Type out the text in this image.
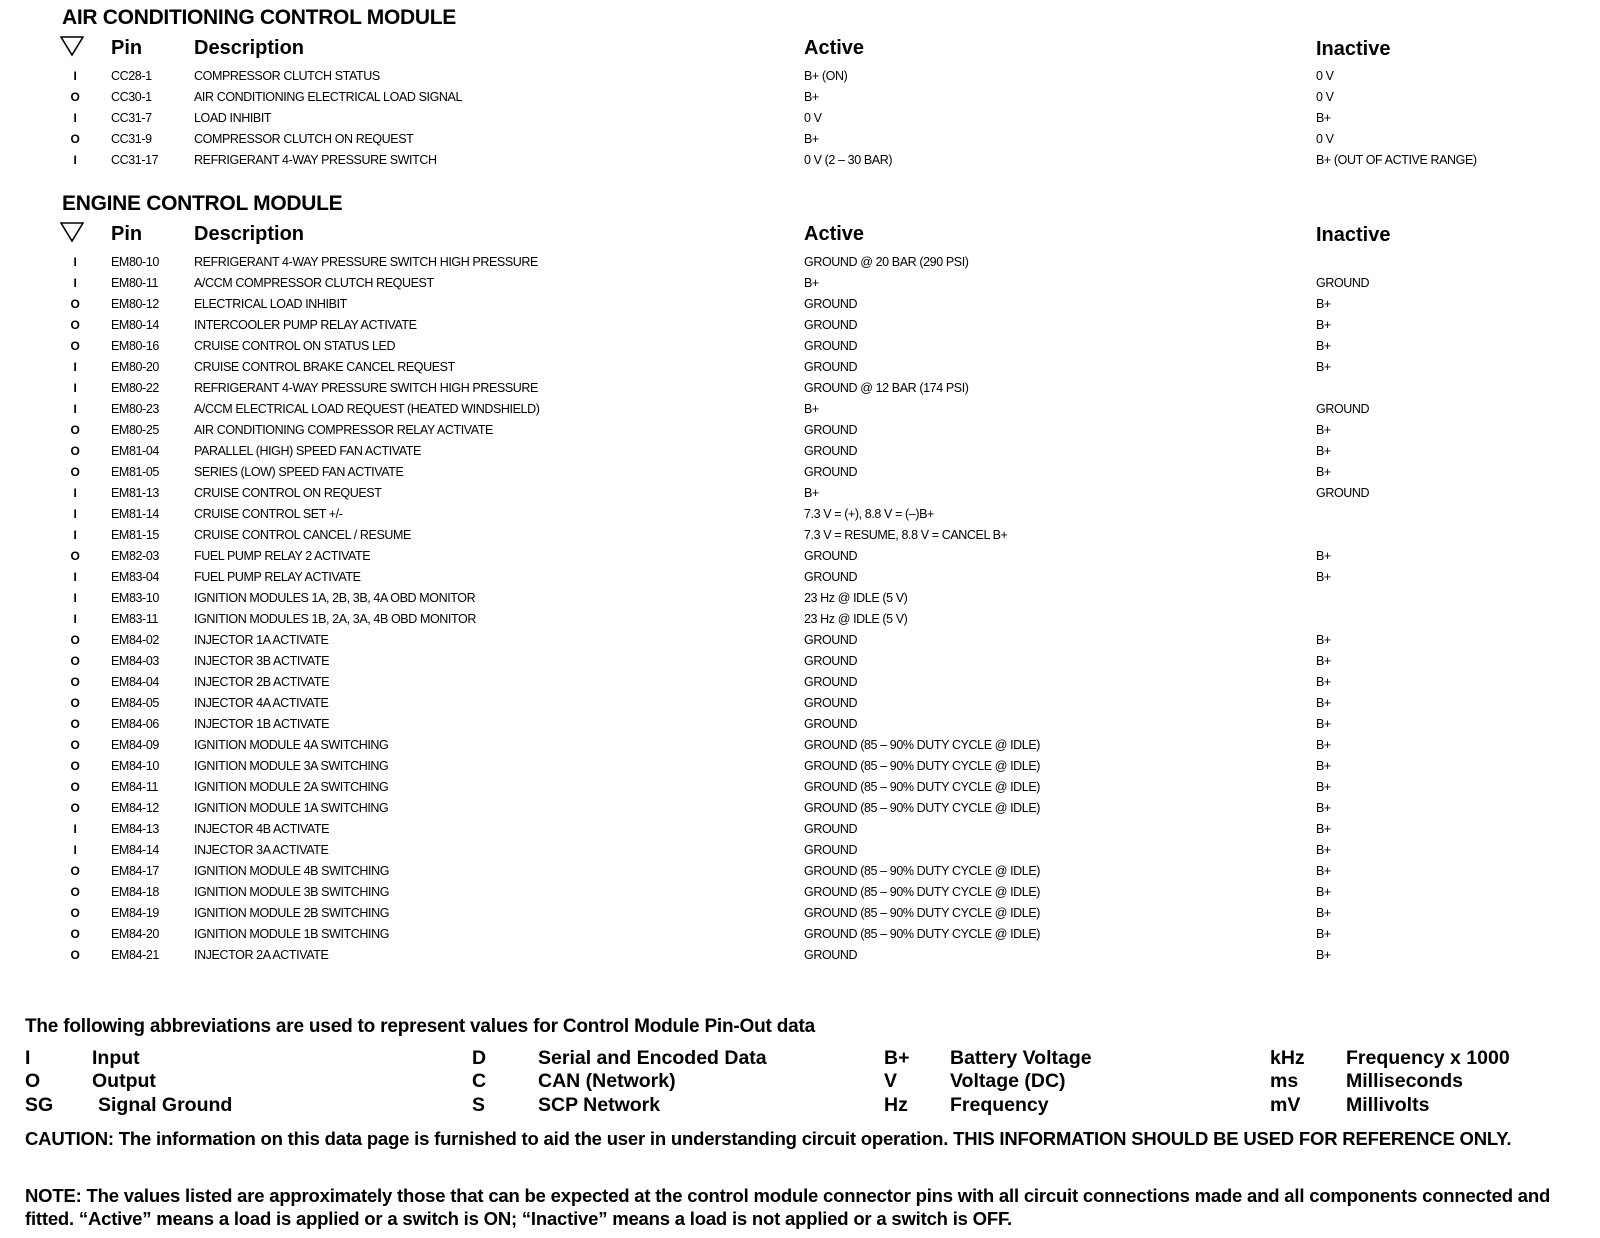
AIR CONDITIONING CONTROL MODULE
Pin	Description	Active	Inactive
I	CC28-1	COMPRESSOR CLUTCH STATUS	B+ (ON)	0 V
O	CC30-1	AIR CONDITIONING ELECTRICAL LOAD SIGNAL	B+	0 V
I	CC31-7	LOAD INHIBIT	0 V	B+
O	CC31-9	COMPRESSOR CLUTCH ON REQUEST	B+	0 V
I	CC31-17	REFRIGERANT 4-WAY PRESSURE SWITCH	0 V (2 – 30 BAR)	B+ (OUT OF ACTIVE RANGE)
ENGINE CONTROL MODULE
Pin	Description	Active	Inactive
I	EM80-10	REFRIGERANT 4-WAY PRESSURE SWITCH HIGH PRESSURE	GROUND @ 20 BAR (290 PSI)
I	EM80-11	A/CCM COMPRESSOR CLUTCH REQUEST	B+	GROUND
O	EM80-12	ELECTRICAL LOAD INHIBIT	GROUND	B+
O	EM80-14	INTERCOOLER PUMP RELAY ACTIVATE	GROUND	B+
O	EM80-16	CRUISE CONTROL ON STATUS LED	GROUND	B+
I	EM80-20	CRUISE CONTROL BRAKE CANCEL REQUEST	GROUND	B+
I	EM80-22	REFRIGERANT 4-WAY PRESSURE SWITCH HIGH PRESSURE	GROUND @ 12 BAR (174 PSI)
I	EM80-23	A/CCM ELECTRICAL LOAD REQUEST (HEATED WINDSHIELD)	B+	GROUND
O	EM80-25	AIR CONDITIONING COMPRESSOR RELAY ACTIVATE	GROUND	B+
O	EM81-04	PARALLEL (HIGH) SPEED FAN ACTIVATE	GROUND	B+
O	EM81-05	SERIES (LOW) SPEED FAN ACTIVATE	GROUND	B+
I	EM81-13	CRUISE CONTROL ON REQUEST	B+	GROUND
I	EM81-14	CRUISE CONTROL SET +/-	7.3 V = (+), 8.8 V = (–)B+
I	EM81-15	CRUISE CONTROL CANCEL / RESUME	7.3 V = RESUME, 8.8 V = CANCEL B+
O	EM82-03	FUEL PUMP RELAY 2 ACTIVATE	GROUND	B+
I	EM83-04	FUEL PUMP RELAY ACTIVATE	GROUND	B+
I	EM83-10	IGNITION MODULES 1A, 2B, 3B, 4A OBD MONITOR	23 Hz @ IDLE (5 V)
I	EM83-11	IGNITION MODULES 1B, 2A, 3A, 4B OBD MONITOR	23 Hz @ IDLE (5 V)
O	EM84-02	INJECTOR 1A ACTIVATE	GROUND	B+
O	EM84-03	INJECTOR 3B ACTIVATE	GROUND	B+
O	EM84-04	INJECTOR 2B ACTIVATE	GROUND	B+
O	EM84-05	INJECTOR 4A ACTIVATE	GROUND	B+
O	EM84-06	INJECTOR 1B ACTIVATE	GROUND	B+
O	EM84-09	IGNITION MODULE 4A SWITCHING	GROUND (85 – 90% DUTY CYCLE @ IDLE)	B+
O	EM84-10	IGNITION MODULE 3A SWITCHING	GROUND (85 – 90% DUTY CYCLE @ IDLE)	B+
O	EM84-11	IGNITION MODULE 2A SWITCHING	GROUND (85 – 90% DUTY CYCLE @ IDLE)	B+
O	EM84-12	IGNITION MODULE 1A SWITCHING	GROUND (85 – 90% DUTY CYCLE @ IDLE)	B+
I	EM84-13	INJECTOR 4B ACTIVATE	GROUND	B+
I	EM84-14	INJECTOR 3A ACTIVATE	GROUND	B+
O	EM84-17	IGNITION MODULE 4B SWITCHING	GROUND (85 – 90% DUTY CYCLE @ IDLE)	B+
O	EM84-18	IGNITION MODULE 3B SWITCHING	GROUND (85 – 90% DUTY CYCLE @ IDLE)	B+
O	EM84-19	IGNITION MODULE 2B SWITCHING	GROUND (85 – 90% DUTY CYCLE @ IDLE)	B+
O	EM84-20	IGNITION MODULE 1B SWITCHING	GROUND (85 – 90% DUTY CYCLE @ IDLE)	B+
O	EM84-21	INJECTOR 2A ACTIVATE	GROUND	B+
The following abbreviations are used to represent values for Control Module Pin-Out data
I	Input
O	Output
SG Signal Ground
D	Serial and Encoded Data
C	CAN (Network)
S	SCP Network
B+ Battery Voltage
V	Voltage (DC)
Hz Frequency
kHz Frequency x 1000
ms Milliseconds
mV Millivolts
CAUTION: The information on this data page is furnished to aid the user in understanding circuit operation. THIS INFORMATION SHOULD BE USED FOR REFERENCE ONLY.
NOTE: The values listed are approximately those that can be expected at the control module connector pins with all circuit connections made and all components connected and fitted. “Active” means a load is applied or a switch is ON; “Inactive” means a load is not applied or a switch is OFF.
